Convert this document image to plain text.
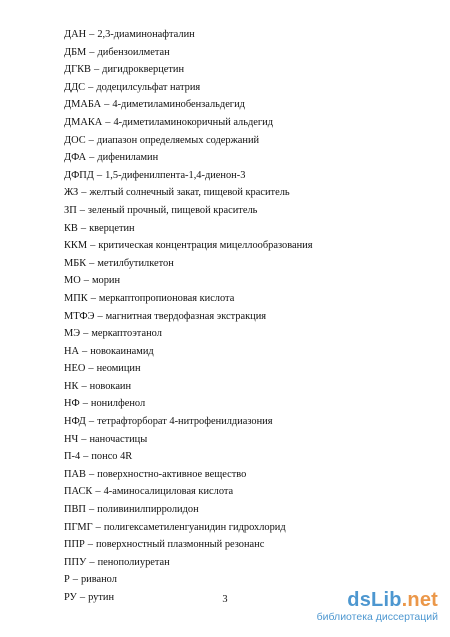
ДАН – 2,3-диаминонафталин
ДБМ – дибензоилметан
ДГКВ – дигидрокверцетин
ДДС – додецилсульфат натрия
ДМАБА – 4-диметиламинобензальдегид
ДМАКА – 4-диметиламинокоричный альдегид
ДОС – диапазон определяемых содержаний
ДФА – дифениламин
ДФПД – 1,5-дифенилпента-1,4-диенон-3
ЖЗ – желтый солнечный закат, пищевой краситель
ЗП – зеленый прочный, пищевой краситель
КВ – кверцетин
ККМ – критическая концентрация мицеллообразования
МБК – метилбутилкетон
МО – морин
МПК – меркаптопропионовая кислота
МТФЭ – магнитная твердофазная экстракция
МЭ – меркаптоэтанол
НА – новокаинамид
НЕО – неомицин
НК – новокаин
НФ – нонилфенол
НФД – тетрафторборат 4-нитрофенилдиазония
НЧ – наночастицы
П-4 – понсо 4R
ПАВ – поверхностно-активное вещество
ПАСК – 4-аминосалициловая кислота
ПВП – поливинилпирролидон
ПГМГ – полигексаметиленгуанидин гидрохлорид
ППР – поверхностный плазмонный резонанс
ППУ – пенополиуретан
Р – риванол
РУ – рутин	3	dsLib.net
библиотека диссертаций
